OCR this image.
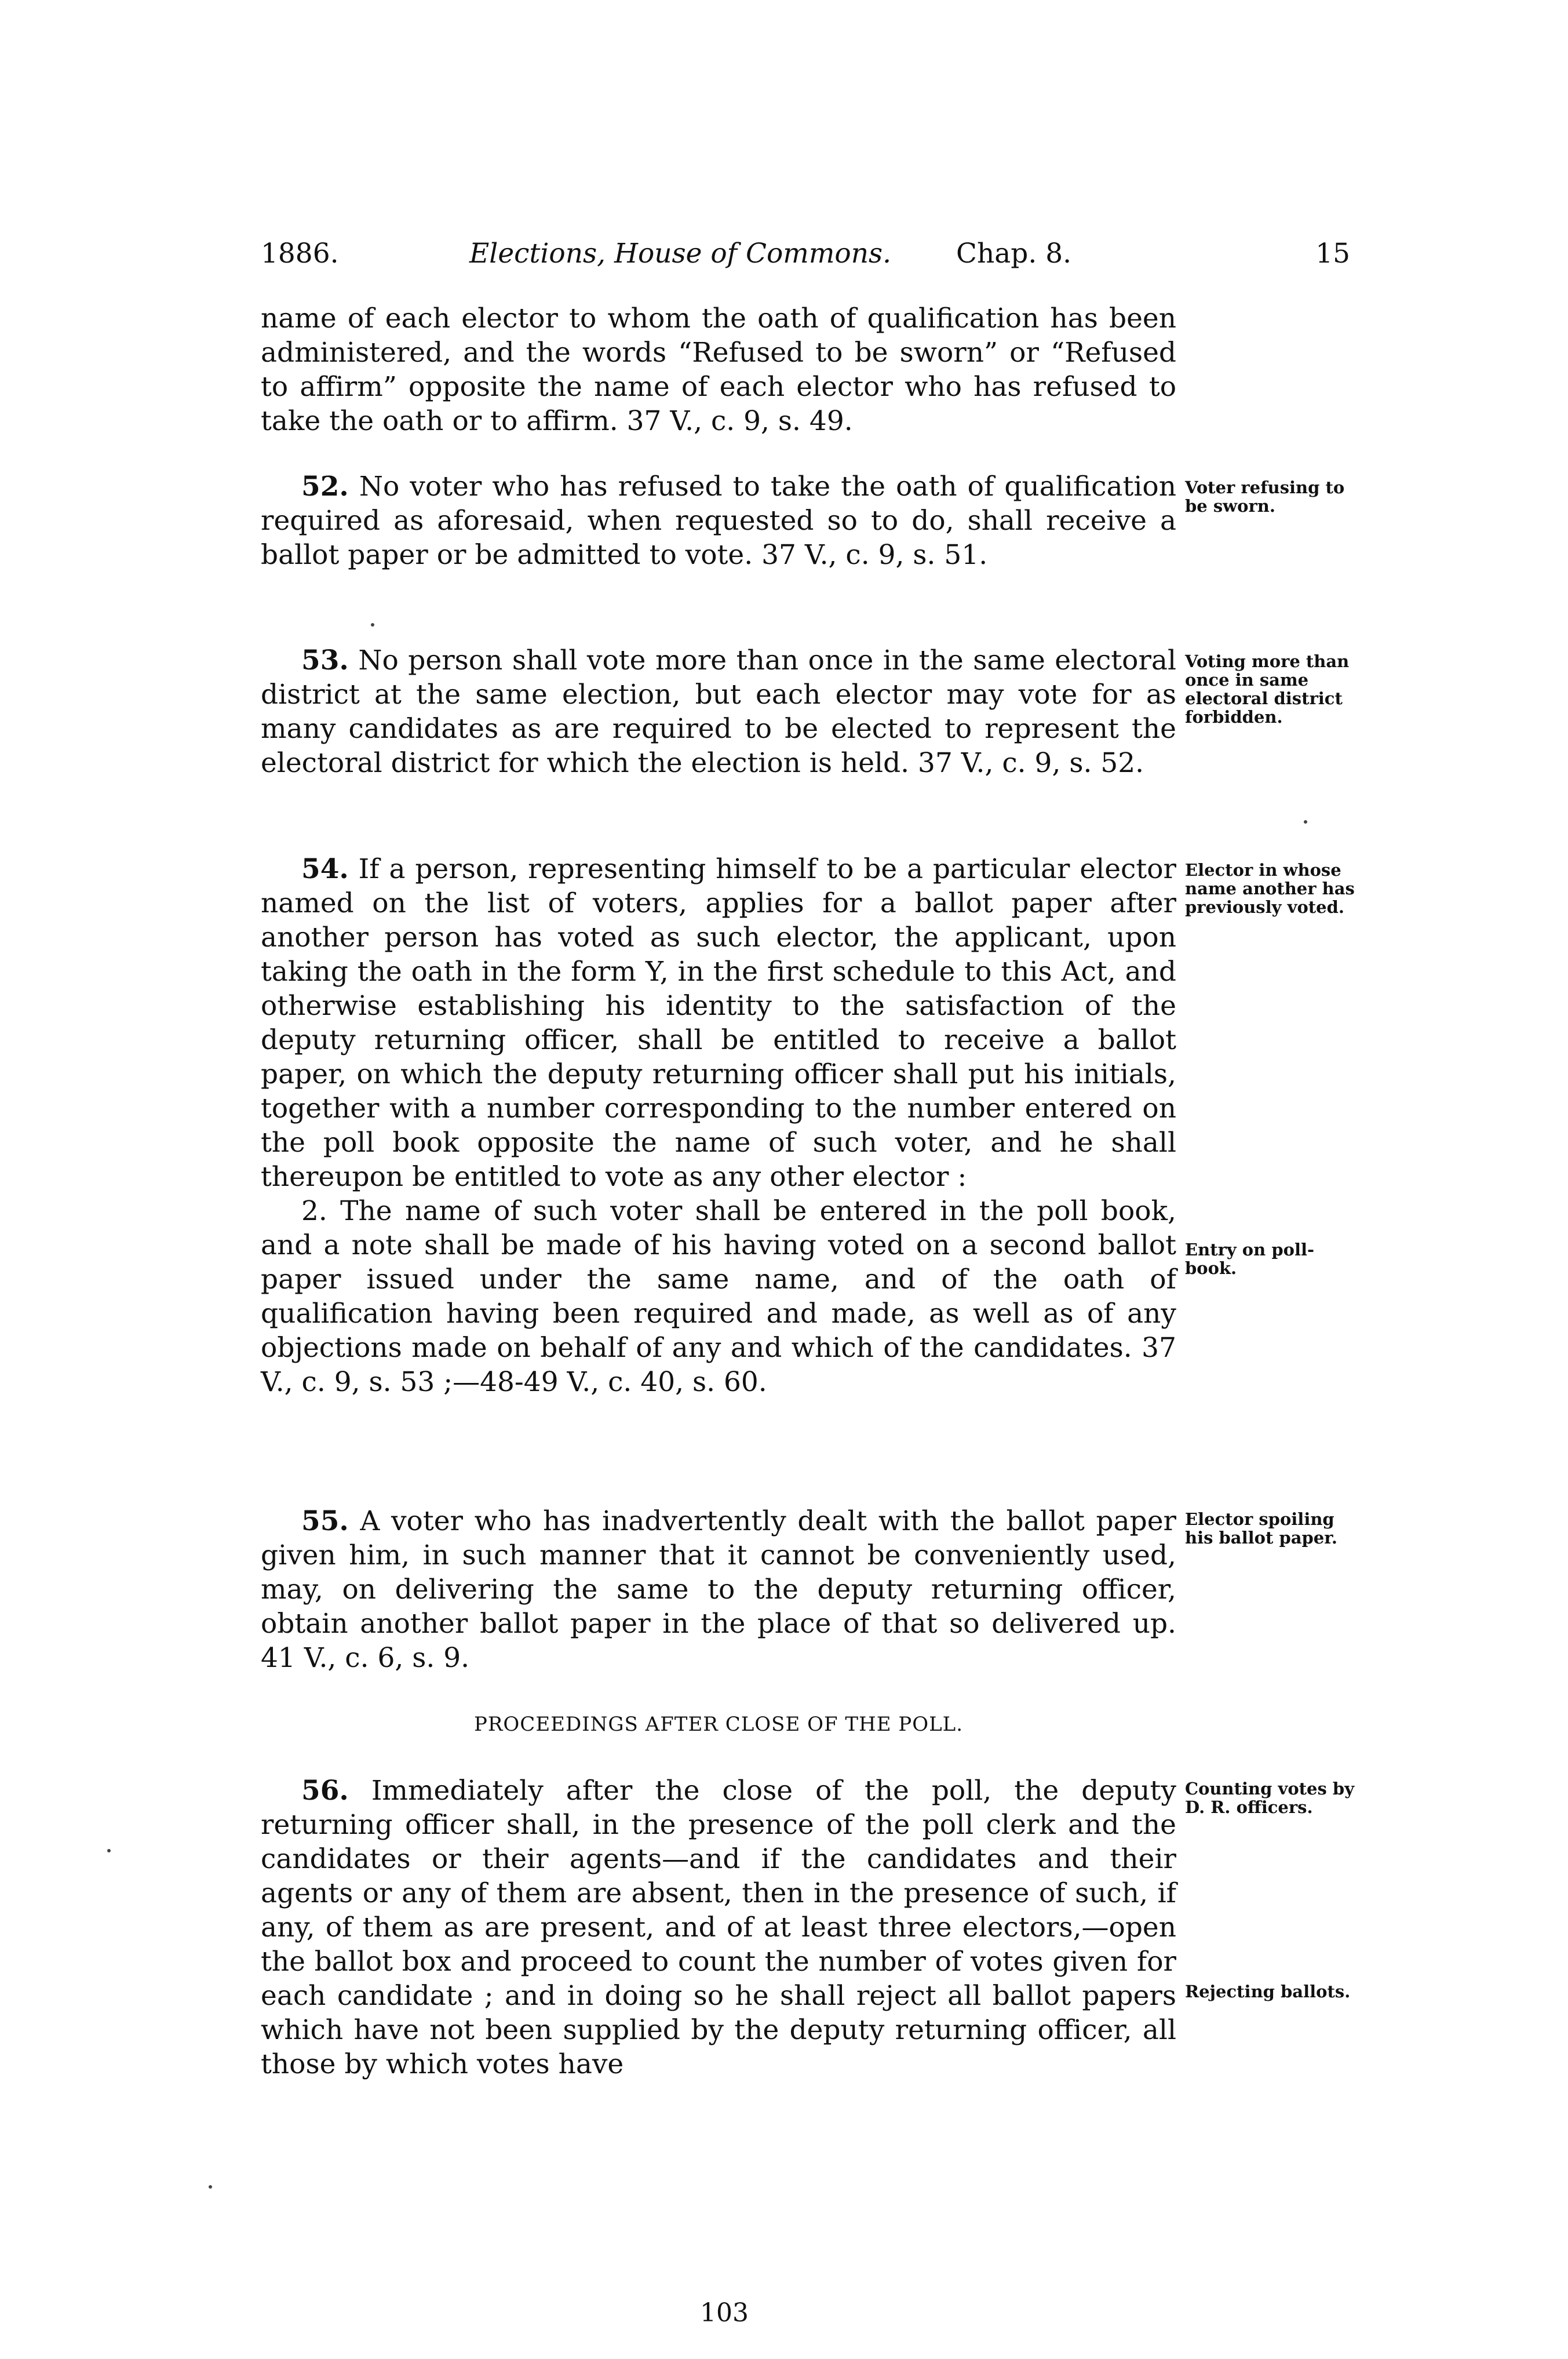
1886.	Elections, House of Commons. Chap. 8.	15

name of each elector to whom the oath of qualification has been administered, and the words “Refused to be sworn” or “Refused to affirm” opposite the name of each elector who has refused to take the oath or to affirm. 37 V., c. 9, s. 49.

52. No voter who has refused to take the oath of qualification required as aforesaid, when requested so to do, shall receive a ballot paper or be admitted to vote. 37 V., c. 9, s. 51.

Voter refusing to be sworn.

53. No person shall vote more than once in the same electoral district at the same election, but each elector may vote for as many candidates as are required to be elected to represent the electoral district for which the election is held. 37 V., c. 9, s. 52.

Voting more than once in same electoral district forbidden.

54. If a person, representing himself to be a particular elector named on the list of voters, applies for a ballot paper after another person has voted as such elector, the applicant, upon taking the oath in the form Y, in the first schedule to this Act, and otherwise establishing his identity to the satisfaction of the deputy returning officer, shall be entitled to receive a ballot paper, on which the deputy returning officer shall put his initials, together with a number corresponding to the number entered on the poll book opposite the name of such voter, and he shall thereupon be entitled to vote as any other elector :

2. The name of such voter shall be entered in the poll book, and a note shall be made of his having voted on a second ballot paper issued under the same name, and of the oath of qualification having been required and made, as well as of any objections made on behalf of any and which of the candidates. 37 V., c. 9, s. 53 ;—48-49 V., c. 40, s. 60.

Elector in whose name another has previously voted.
Entry on poll-book.

55. A voter who has inadvertently dealt with the ballot paper given him, in such manner that it cannot be conveniently used, may, on delivering the same to the deputy returning officer, obtain another ballot paper in the place of that so delivered up. 41 V., c. 6, s. 9.

Elector spoiling his ballot paper.
PROCEEDINGS AFTER CLOSE OF THE POLL.

56. Immediately after the close of the poll, the deputy returning officer shall, in the presence of the poll clerk and the candidates or their agents—and if the candidates and their agents or any of them are absent, then in the presence of such, if any, of them as are present, and of at least three electors,—open the ballot box and proceed to count the number of votes given for each candidate ; and in doing so he shall reject all ballot papers which have not been supplied by the deputy returning officer, all those by which votes have

Counting votes by D. R. officers.
Rejecting ballots.
103
